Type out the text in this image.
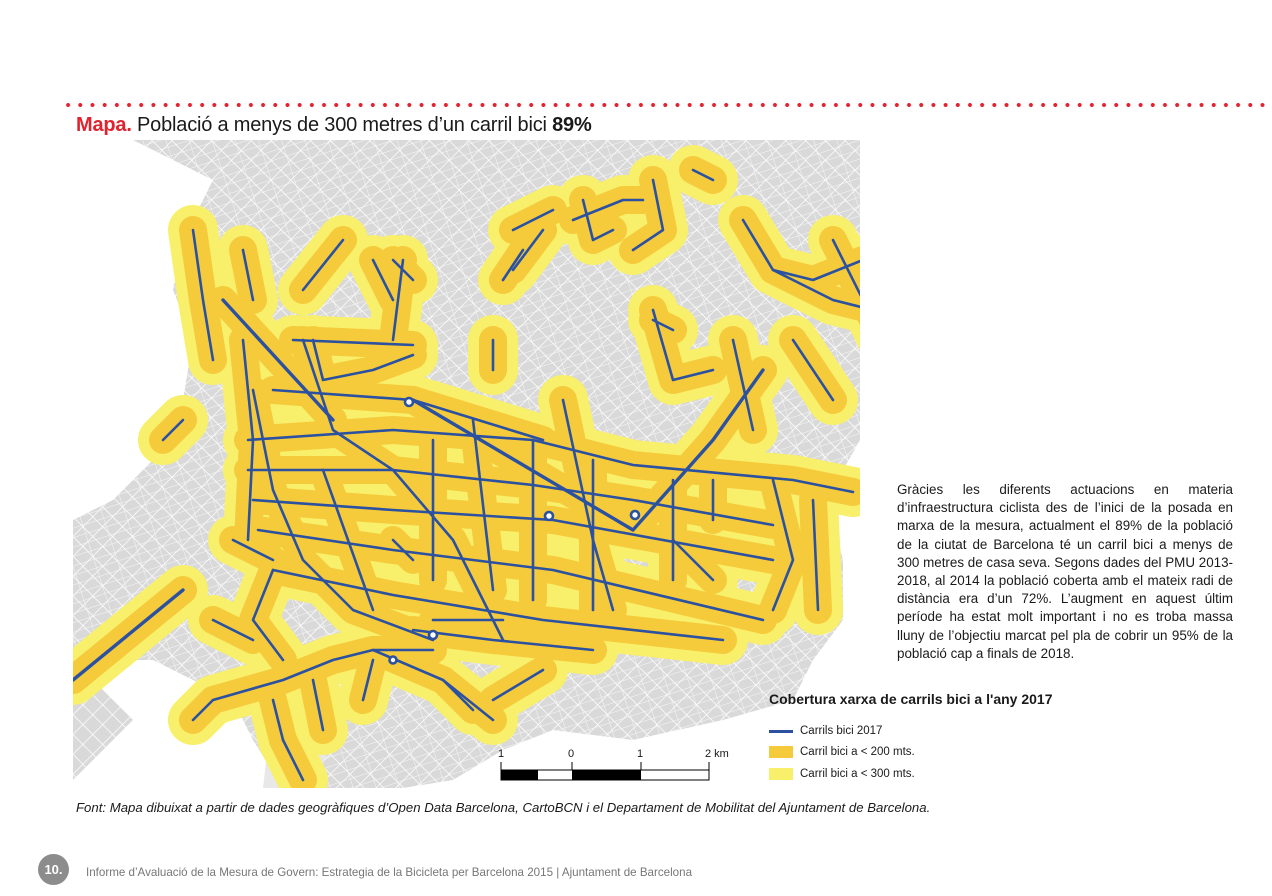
Mapa. Població a menys de 300 metres d’un carril bici 89%
1	0	1	2 km
Gràcies les diferents actuacions en materia d’infraestructura ciclista des de l’inici de la posada en marxa de la mesura, actualment el 89% de la població de la ciutat de Barcelona té un carril bici a menys de 300 metres de casa seva. Segons dades del PMU 2013-2018, al 2014 la població coberta amb el mateix radi de distància era d’un 72%. L’augment en aquest últim període ha estat molt important i no es troba massa lluny de l’objectiu marcat pel pla de cobrir un 95% de la població cap a finals de 2018.
Cobertura xarxa de carrils bici a l'any 2017
Carrils bici 2017
Carril bici a < 200 mts.
Carril bici a < 300 mts.
Font: Mapa dibuixat a partir de dades geogràfiques d’Open Data Barcelona, CartoBCN i el Departament de Mobilitat del Ajuntament de Barcelona.
10.	Informe d’Avaluació de la Mesura de Govern: Estrategia de la Bicicleta per Barcelona 2015 | Ajuntament de Barcelona
